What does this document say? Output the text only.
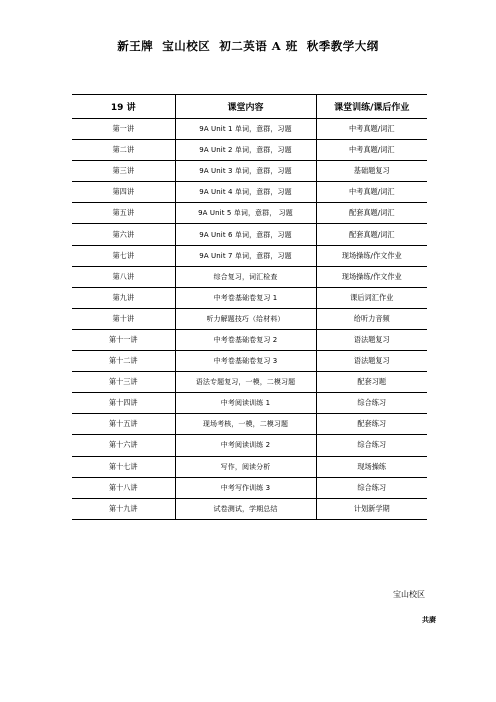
新王牌  宝山校区  初二英语 A 班  秋季教学大纲
19 讲	课堂内容	课堂训练/课后作业
第一讲	9A Unit 1 单词，意群，习题	中考真题/词汇
第二讲	9A Unit 2 单词，意群，习题	中考真题/词汇
第三讲	9A Unit 3 单词，意群，习题	基础题复习
第四讲	9A Unit 4 单词，意群，习题	中考真题/词汇
第五讲	9A Unit 5 单词，意群， 习题	配套真题/词汇
第六讲	9A Unit 6 单词，意群，习题	配套真题/词汇
第七讲	9A Unit 7 单词，意群，习题	现场操练/作文作业
第八讲	综合复习，词汇检查	现场操练/作文作业
第九讲	中考卷基础卷复习 1	课后词汇作业
第十讲	听力解题技巧（给材料）	给听力音频
第十一讲	中考卷基础卷复习 2	语法题复习
第十二讲	中考卷基础卷复习 3	语法题复习
第十三讲	语法专题复习，一模，二模习题	配套习题
第十四讲	中考阅读训练 1	综合练习
第十五讲	现场考核，一模，二模习题	配套练习
第十六讲	中考阅读训练 2	综合练习
第十七讲	写作，阅读分析	现场操练
第十八讲	中考写作训练 3	综合练习
第十九讲	试卷测试，学期总结	计划新学期
宝山校区
共赓
